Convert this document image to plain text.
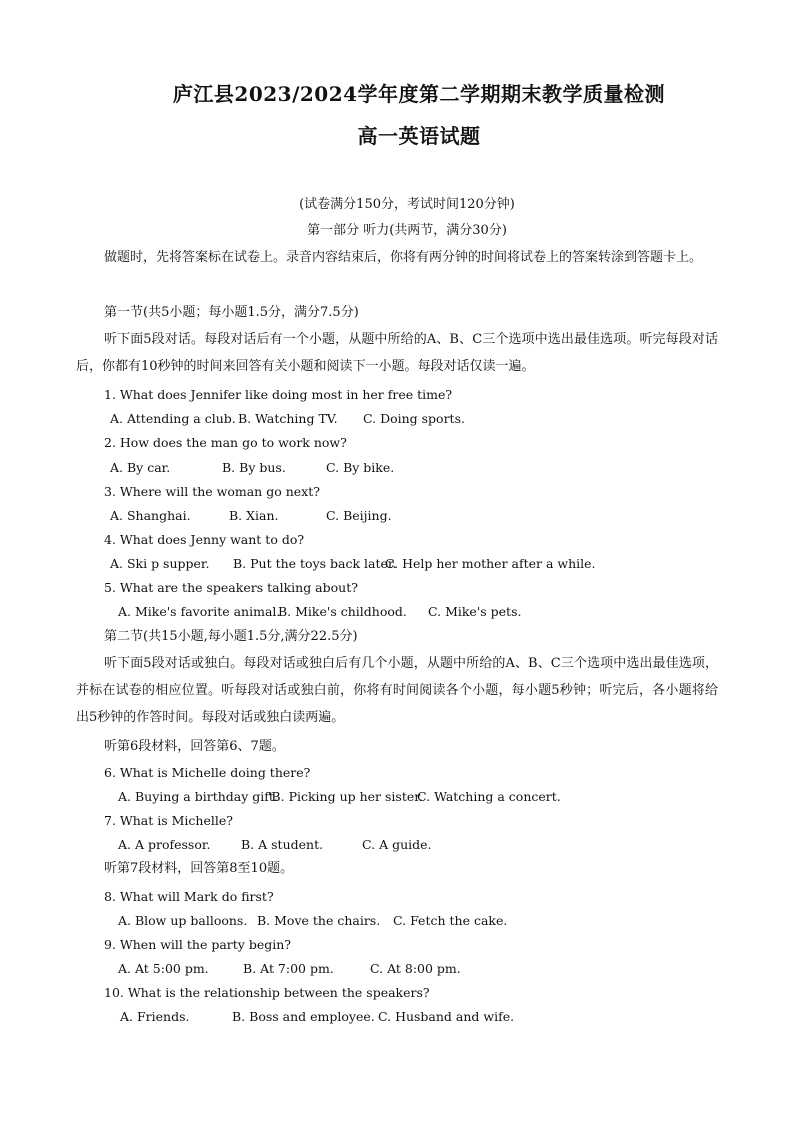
庐江县2023/2024学年度第二学期期末教学质量检测
高一英语试题
(试卷满分150分，考试时间120分钟)
第一部分 听力(共两节，满分30分)
做题时，先将答案标在试卷上。录音内容结束后，你将有两分钟的时间将试卷上的答案转涂到答题卡上。
第一节(共5小题；每小题1.5分，满分7.5分)
听下面5段对话。每段对话后有一个小题，从题中所给的A、B、C三个选项中选出最佳选项。听完每段对话后，你都有10秒钟的时间来回答有关小题和阅读下一小题。每段对话仅读一遍。
1. What does Jennifer like doing most in her free time?
A. Attending a club. B. Watching TV. C. Doing sports.
2. How does the man go to work now?
A. By car.	B. By bus.	C. By bike.
3. Where will the woman go next?
A. Shanghai.	B. Xian.	C. Beijing.
4. What does Jenny want to do?
A. Ski p supper. B. Put the toys back later.
C. Help her mother after a while.
5. What are the speakers talking about?
A. Mike's favorite animal.
B. Mike's childhood. C. Mike's pets.
第二节(共15小题,每小题1.5分,满分22.5分)
听下面5段对话或独白。每段对话或独白后有几个小题，从题中所给的A、B、C三个选项中选出最佳选项，并标在试卷的相应位置。听每段对话或独白前，你将有时间阅读各个小题，每小题5秒钟；听完后，各小题将给出5秒钟的作答时间。每段对话或独白读两遍。
听第6段材料，回答第6、7题。
6. What is Michelle doing there?
A. Buying a birthday gift.
'B. Picking up her sister.
C. Watching a concert.
7. What is Michelle?
A. A professor. B. A student.	C. A guide.
听第7段材料，回答第8至10题。
8. What will Mark do first?
A. Blow up balloons. B. Move the chairs. C. Fetch the cake.
9. When will the party begin?
A. At 5:00 pm.	B. At 7:00 pm.	C. At 8:00 pm.
10. What is the relationship between the speakers?
A. Friends.	B. Boss and employee. C. Husband and wife.
